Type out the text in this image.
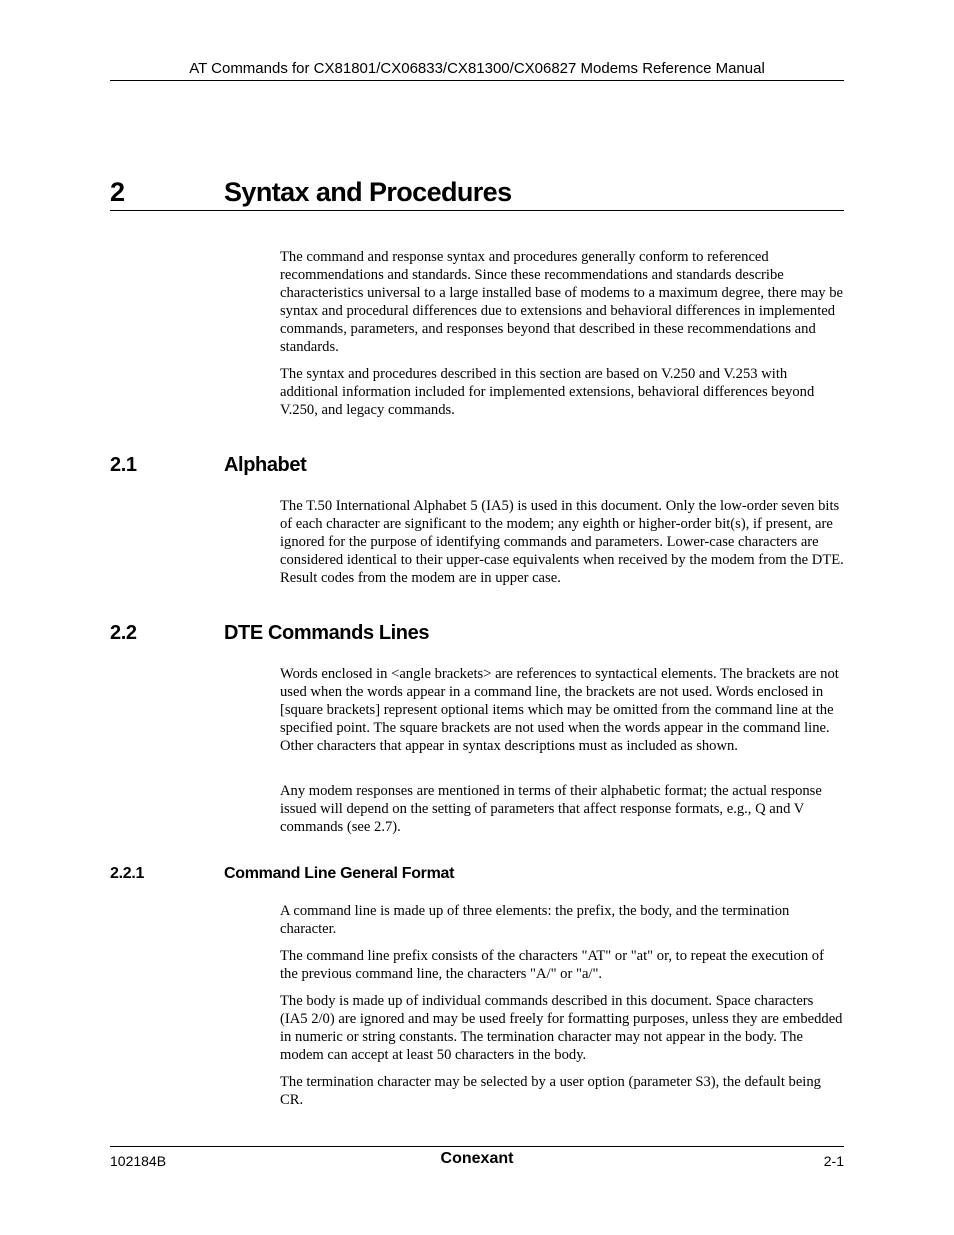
AT Commands for CX81801/CX06833/CX81300/CX06827 Modems Reference Manual
2	Syntax and Procedures

The command and response syntax and procedures generally conform to referenced recommendations and standards. Since these recommendations and standards describe characteristics universal to a large installed base of modems to a maximum degree, there may be syntax and procedural differences due to extensions and behavioral differences in implemented commands, parameters, and responses beyond that described in these recommendations and standards.

The syntax and procedures described in this section are based on V.250 and V.253 with additional information included for implemented extensions, behavioral differences beyond V.250, and legacy commands.

2.1	Alphabet

The T.50 International Alphabet 5 (IA5) is used in this document. Only the low-order seven bits of each character are significant to the modem; any eighth or higher-order bit(s), if present, are ignored for the purpose of identifying commands and parameters. Lower-case characters are considered identical to their upper-case equivalents when received by the modem from the DTE. Result codes from the modem are in upper case.

2.2	DTE Commands Lines

Words enclosed in <angle brackets> are references to syntactical elements. The brackets are not used when the words appear in a command line, the brackets are not used. Words enclosed in [square brackets] represent optional items which may be omitted from the command line at the specified point. The square brackets are not used when the words appear in the command line. Other characters that appear in syntax descriptions must as included as shown.

Any modem responses are mentioned in terms of their alphabetic format; the actual response issued will depend on the setting of parameters that affect response formats, e.g., Q and V commands (see 2.7).

2.2.1	Command Line General Format

A command line is made up of three elements: the prefix, the body, and the termination character.

The command line prefix consists of the characters "AT" or "at" or, to repeat the execution of the previous command line, the characters "A/" or "a/".

The body is made up of individual commands described in this document. Space characters (IA5 2/0) are ignored and may be used freely for formatting purposes, unless they are embedded in numeric or string constants. The termination character may not appear in the body. The modem can accept at least 50 characters in the body.

The termination character may be selected by a user option (parameter S3), the default being CR.

102184B	Conexant	2-1
